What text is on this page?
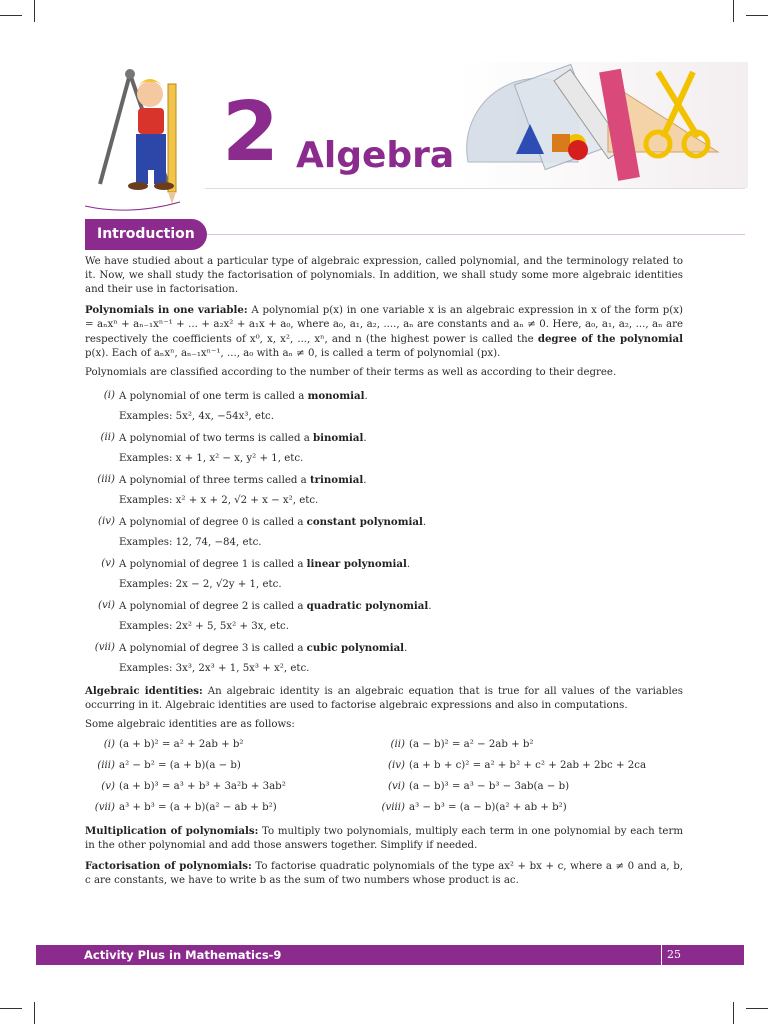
2 Algebra
Introduction

We have studied about a particular type of algebraic expression, called polynomial, and the terminology related to it. Now, we shall study the factorisation of polynomials. In addition, we shall study some more algebraic identities and their use in factorisation.

Polynomials in one variable: A polynomial p(x) in one variable x is an algebraic expression in x of the form p(x) = aₙxⁿ + aₙ₋₁xⁿ⁻¹ + ... + a₂x² + a₁x + a₀, where a₀, a₁, a₂, ...., aₙ are constants and aₙ ≠ 0. Here, a₀, a₁, a₂, ..., aₙ are respectively the coefficients of x⁰, x, x², ..., xⁿ, and n (the highest power is called the degree of the polynomial p(x). Each of aₙxⁿ, aₙ₋₁xⁿ⁻¹, ..., a₀ with aₙ ≠ 0, is called a term of polynomial (px).

Polynomials are classified according to the number of their terms as well as according to their degree.

(i) A polynomial of one term is called a monomial.
Examples: 5x², 4x, −54x³, etc.
(ii) A polynomial of two terms is called a binomial.
Examples: x + 1, x² − x, y² + 1, etc.
(iii) A polynomial of three terms called a trinomial.
Examples: x² + x + 2, √2 + x − x², etc.
(iv) A polynomial of degree 0 is called a constant polynomial.
Examples: 12, 74, −84, etc.
(v) A polynomial of degree 1 is called a linear polynomial.
Examples: 2x − 2, √2y + 1, etc.
(vi) A polynomial of degree 2 is called a quadratic polynomial.
Examples: 2x² + 5, 5x² + 3x, etc.
(vii) A polynomial of degree 3 is called a cubic polynomial.
Examples: 3x³, 2x³ + 1, 5x³ + x², etc.

Algebraic identities: An algebraic identity is an algebraic equation that is true for all values of the variables occurring in it. Algebraic identities are used to factorise algebraic expressions and also in computations.

Some algebraic identities are as follows:

(i) (a + b)² = a² + 2ab + b²	(ii) (a − b)² = a² − 2ab + b²
(iii) a² − b² = (a + b)(a − b)	(iv) (a + b + c)² = a² + b² + c² + 2ab + 2bc + 2ca
(v) (a + b)³ = a³ + b³ + 3a²b + 3ab²	(vi) (a − b)³ = a³ − b³ − 3ab(a − b)
(vii) a³ + b³ = (a + b)(a² − ab + b²)	(viii) a³ − b³ = (a − b)(a² + ab + b²)

Multiplication of polynomials: To multiply two polynomials, multiply each term in one polynomial by each term in the other polynomial and add those answers together. Simplify if needed.

Factorisation of polynomials: To factorise quadratic polynomials of the type ax² + bx + c, where a ≠ 0 and a, b, c are constants, we have to write b as the sum of two numbers whose product is ac.

Activity Plus in Mathematics-9	25
